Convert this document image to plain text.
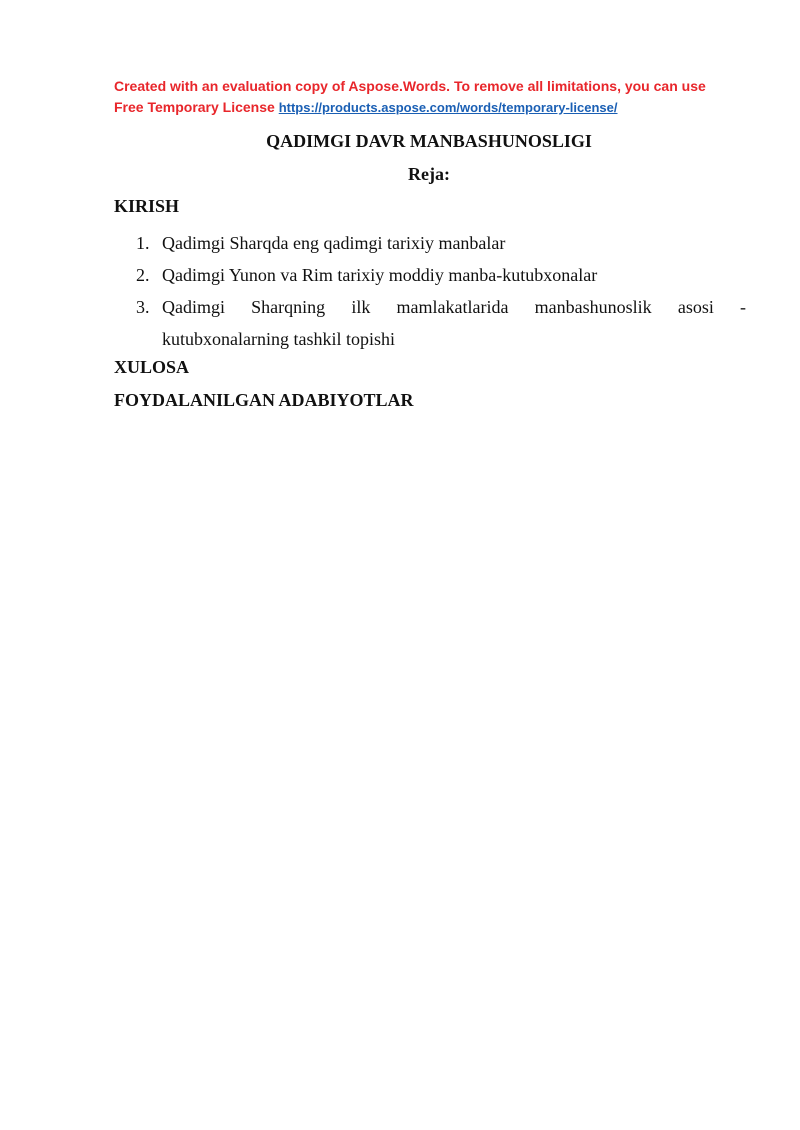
Created with an evaluation copy of Aspose.Words. To remove all limitations, you can use
Free Temporary License https://products.aspose.com/words/temporary-license/
QADIMGI DAVR MANBASHUNOSLIGI
Reja:
KIRISH
1. Qadimgi Sharqda eng qadimgi tarixiy manbalar
2. Qadimgi Yunon va Rim tarixiy moddiy manba-kutubxonalar
3. Qadimgi Sharqning ilk mamlakatlarida manbashunoslik asosi - kutubxonalarning tashkil topishi
XULOSA
FOYDALANILGAN ADABIYOTLAR
